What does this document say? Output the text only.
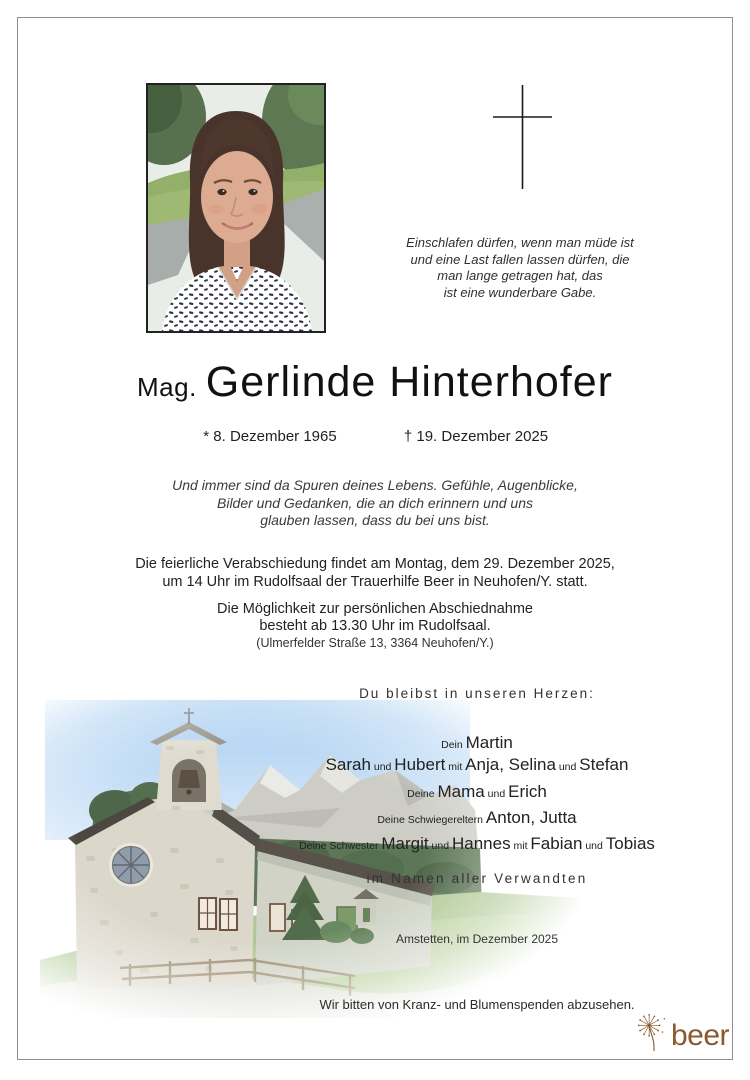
Einschlafen dürfen, wenn man müde ist
und eine Last fallen lassen dürfen, die
man lange getragen hat, das
ist eine wunderbare Gabe.
Mag. Gerlinde Hinterhofer
* 8. Dezember 1965	† 19. Dezember 2025
Und immer sind da Spuren deines Lebens. Gefühle, Augenblicke,
Bilder und Gedanken, die an dich erinnern und uns
glauben lassen, dass du bei uns bist.
Die feierliche Verabschiedung findet am Montag, dem 29. Dezember 2025,
um 14 Uhr im Rudolfsaal der Trauerhilfe Beer in Neuhofen/Y. statt.
Die Möglichkeit zur persönlichen Abschiednahme
besteht ab 13.30 Uhr im Rudolfsaal.
(Ulmerfelder Straße 13, 3364 Neuhofen/Y.)
Du bleibst in unseren Herzen:
Dein Martin
Sarah und Hubert mit Anja, Selina und Stefan
Deine Mama und Erich
Deine Schwiegereltern Anton, Jutta
Deine Schwester Margit und Hannes mit Fabian und Tobias
im Namen aller Verwandten
Amstetten, im Dezember 2025
Wir bitten von Kranz- und Blumenspenden abzusehen.
beer
